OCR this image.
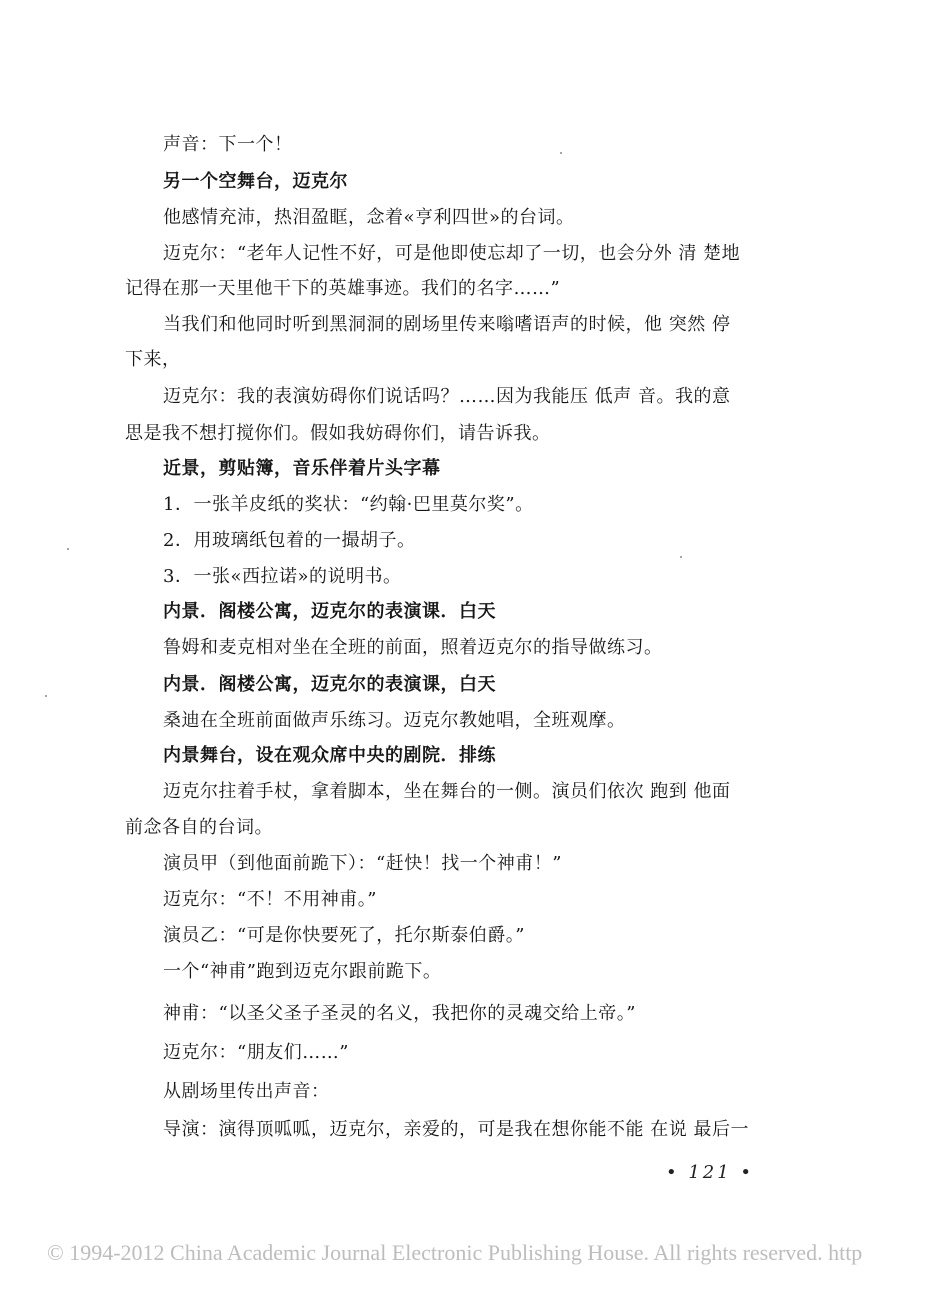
声音：下一个！
另一个空舞台，迈克尔
他感情充沛，热泪盈眶，念着«亨利四世»的台词。
迈克尔：“老年人记性不好，可是他即使忘却了一切，也会分外 清 楚地
记得在那一天里他干下的英雄事迹。我们的名字……”
当我们和他同时听到黑洞洞的剧场里传来嗡嗜语声的时候，他 突然 停
下来，
迈克尔：我的表演妨碍你们说话吗？……因为我能压 低声 音。我的意
思是我不想打搅你们。假如我妨碍你们，请告诉我。
近景，剪贴簿，音乐伴着片头字幕
1．一张羊皮纸的奖状：“约翰·巴里莫尔奖”。
2．用玻璃纸包着的一撮胡子。
3．一张«西拉诺»的说明书。
内景．阁楼公寓，迈克尔的表演课．白天
鲁姆和麦克相对坐在全班的前面，照着迈克尔的指导做练习。
内景．阁楼公寓，迈克尔的表演课，白天
桑迪在全班前面做声乐练习。迈克尔教她唱，全班观摩。
内景舞台，设在观众席中央的剧院．排练
迈克尔拄着手杖，拿着脚本，坐在舞台的一侧。演员们依次 跑到 他面
前念各自的台词。
演员甲（到他面前跪下）：“赶快！找一个神甫！”
迈克尔：“不！不用神甫。”
演员乙：“可是你快要死了，托尔斯泰伯爵。”
一个“神甫”跑到迈克尔跟前跪下。
神甫：“以圣父圣子圣灵的名义，我把你的灵魂交给上帝。”
迈克尔：“朋友们……”
从剧场里传出声音：
导演：演得顶呱呱，迈克尔，亲爱的，可是我在想你能不能 在说 最后一
• 121 •
© 1994-2012 China Academic Journal Electronic Publishing House. All rights reserved. http
